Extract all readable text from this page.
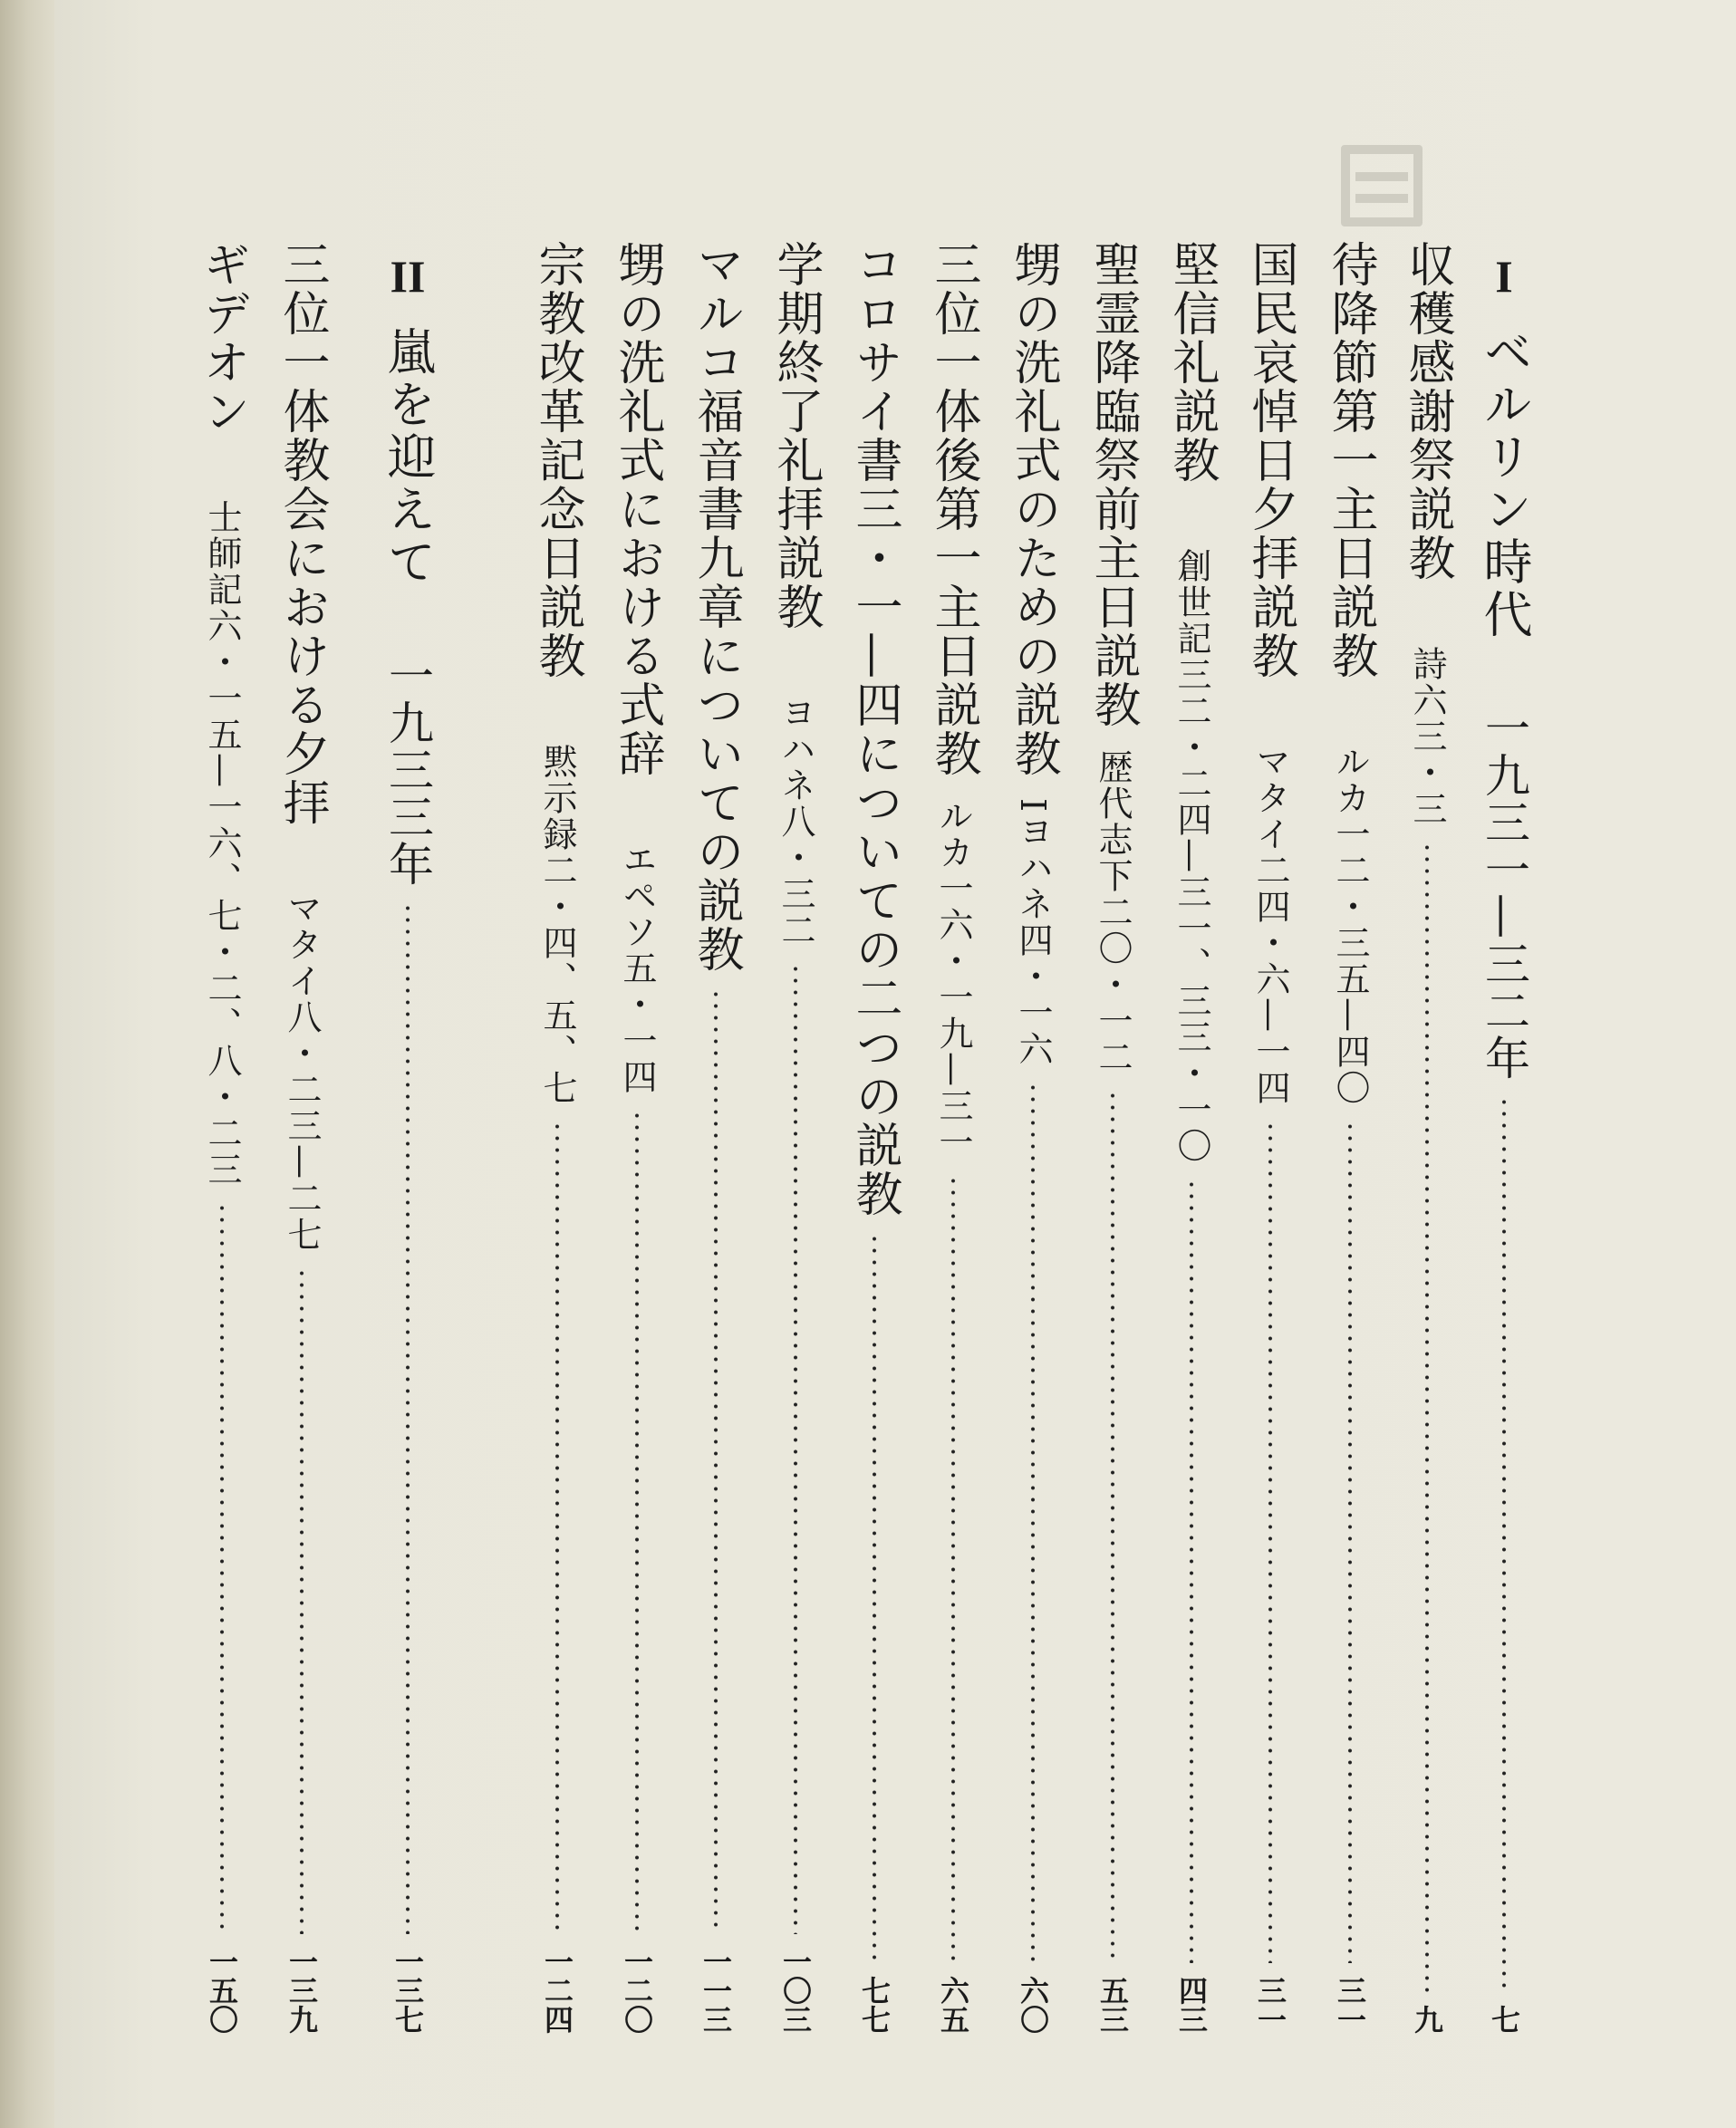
I
ベルリン時代
一九三一—三二年
七
収穫感謝祭説教
詩六三・三
九
待降節第一主日説教
ルカ一二・三五—四〇
三一
国民哀悼日夕拝説教
マタイ二四・六—一四
三一
堅信礼説教
創世記三二・二四—三一、三三・一〇
四三
聖霊降臨祭前主日説教
歴代志下二〇・一二
五三
甥の洗礼式のための説教
Iヨハネ四・一六
六〇
三位一体後第一主日説教
ルカ一六・一九—三一
六五
コロサイ書三・一—四についての二つの説教
七七
学期終了礼拝説教
ヨハネ八・三二
一〇三
マルコ福音書九章についての説教
一一三
甥の洗礼式における式辞
エペソ五・一四
一二〇
宗教改革記念日説教
黙示録二・四、五、七
一二四
II
嵐を迎えて
一九三三年
一三七
三位一体教会における夕拝
マタイ八・二三—二七
一三九
ギデオン
士師記六・一五—一六、七・二、八・二三
一五〇
